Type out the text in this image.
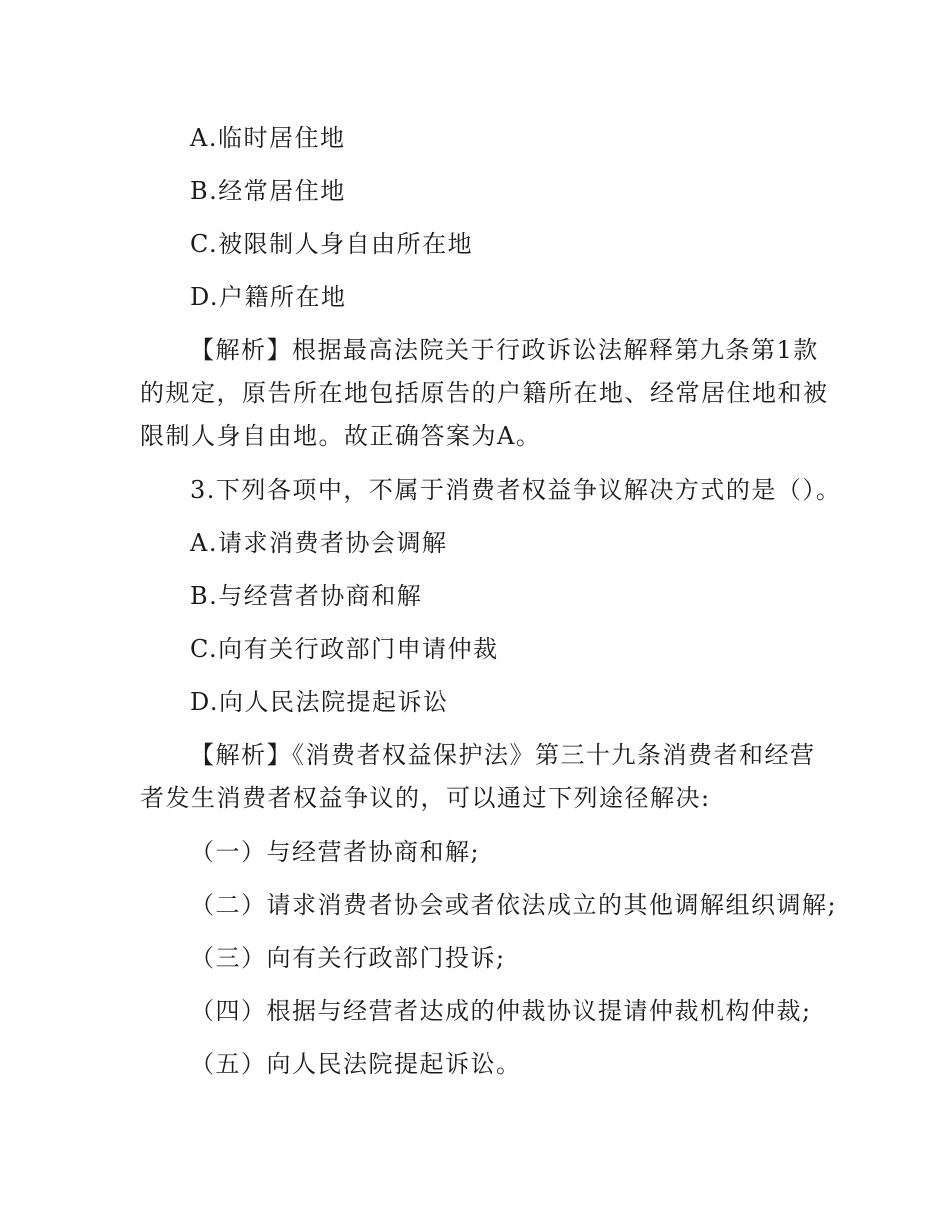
A.临时居住地
B.经常居住地
C.被限制人身自由所在地
D.户籍所在地
【解析】根据最高法院关于行政诉讼法解释第九条第1款
的规定，原告所在地包括原告的户籍所在地、经常居住地和被
限制人身自由地。故正确答案为A。
3.下列各项中，不属于消费者权益争议解决方式的是（）。
A.请求消费者协会调解
B.与经营者协商和解
C.向有关行政部门申请仲裁
D.向人民法院提起诉讼
【解析】《消费者权益保护法》第三十九条消费者和经营
者发生消费者权益争议的，可以通过下列途径解决:
（一）与经营者协商和解;
（二）请求消费者协会或者依法成立的其他调解组织调解;
（三）向有关行政部门投诉;
（四）根据与经营者达成的仲裁协议提请仲裁机构仲裁;
（五）向人民法院提起诉讼。
